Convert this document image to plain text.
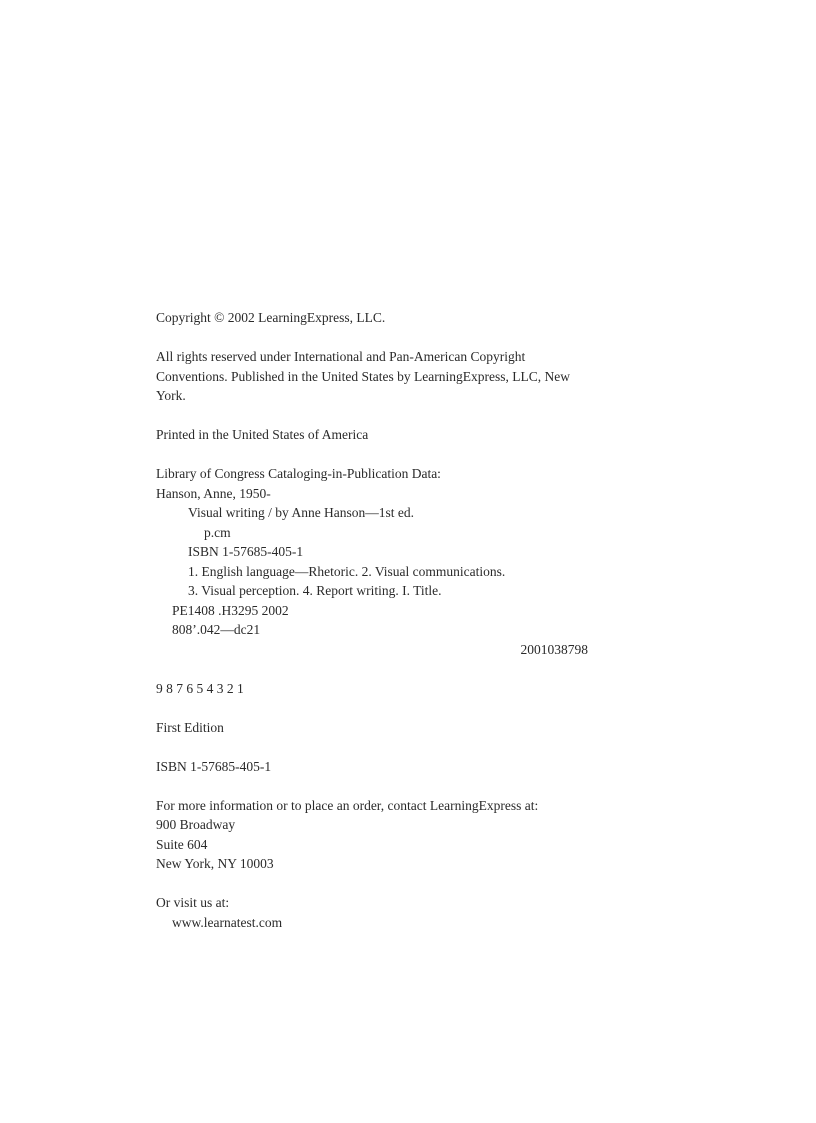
Copyright © 2002 LearningExpress, LLC.

All rights reserved under International and Pan-American Copyright
Conventions. Published in the United States by LearningExpress, LLC, New
York.

Printed in the United States of America

Library of Congress Cataloging-in-Publication Data:
Hanson, Anne, 1950-
Visual writing / by Anne Hanson—1st ed.
p.cm
ISBN 1-57685-405-1
1. English language—Rhetoric. 2. Visual communications.
3. Visual perception. 4. Report writing. I. Title.
PE1408 .H3295 2002
808’.042—dc21
2001038798

9 8 7 6 5 4 3 2 1

First Edition

ISBN 1-57685-405-1

For more information or to place an order, contact LearningExpress at:
900 Broadway
Suite 604
New York, NY 10003

Or visit us at:
www.learnatest.com
